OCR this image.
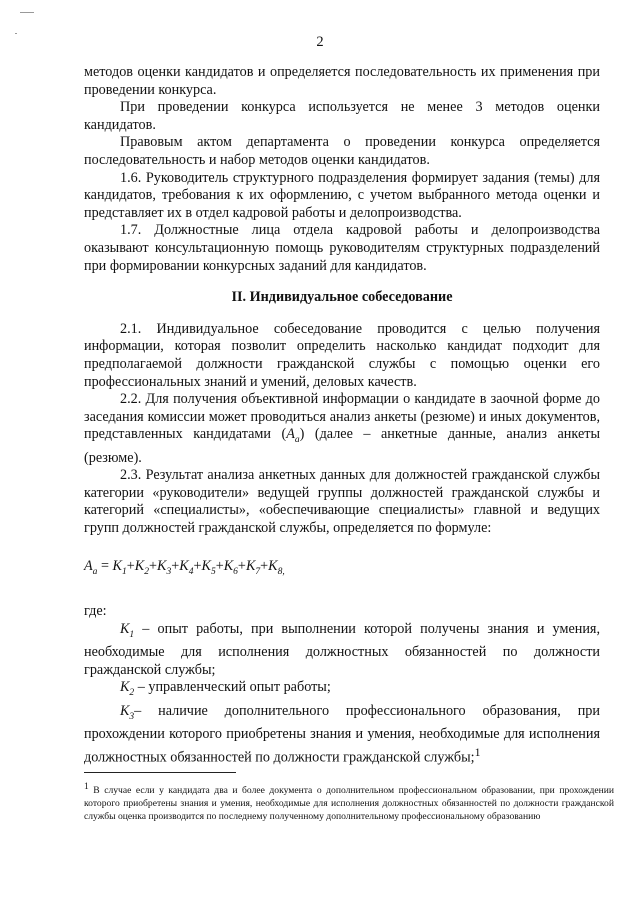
2

методов оценки кандидатов и определяется последовательность их применения при проведении конкурса.

При проведении конкурса используется не менее 3 методов оценки кандидатов.

Правовым актом департамента о проведении конкурса определяется последовательность и набор методов оценки кандидатов.

1.6. Руководитель структурного подразделения формирует задания (темы) для кандидатов, требования к их оформлению, с учетом выбранного метода оценки и представляет их в отдел кадровой работы и делопроизводства.

1.7. Должностные лица отдела кадровой работы и делопроизводства оказывают консультационную помощь руководителям структурных подразделений при формировании конкурсных заданий для кандидатов.

II. Индивидуальное собеседование

2.1. Индивидуальное собеседование проводится с целью получения информации, которая позволит определить насколько кандидат подходит для предполагаемой должности гражданской службы с помощью оценки его профессиональных знаний и умений, деловых качеств.

2.2. Для получения объективной информации о кандидате в заочной форме до заседания комиссии может проводиться анализ анкеты (резюме) и иных документов, представленных кандидатами $(А_а)$ (далее – анкетные данные, анализ анкеты (резюме).

2.3. Результат анализа анкетных данных для должностей гражданской службы категории «руководители» ведущей группы должностей гражданской службы и категорий «специалисты», «обеспечивающие специалисты» главной и ведущих групп должностей гражданской службы, определяется по формуле:

$А_а = K_1+K_2+K_3+K_4+K_5+K_6+K_7+K_{8,}$

где:

$К_1$ – опыт работы, при выполнении которой получены знания и умения, необходимые для исполнения должностных обязанностей по должности гражданской службы;

$К_2$ – управленческий опыт работы;

$К_3-$ наличие дополнительного профессионального образования, при прохождении которого приобретены знания и умения, необходимые для исполнения должностных обязанностей по должности гражданской службы;$^1$

$^1$ В случае если у кандидата два и более документа о дополнительном профессиональном образовании, при прохождении которого приобретены знания и умения, необходимые для исполнения должностных обязанностей по должности гражданской службы оценка производится по последнему полученному дополнительному профессиональному образованию
